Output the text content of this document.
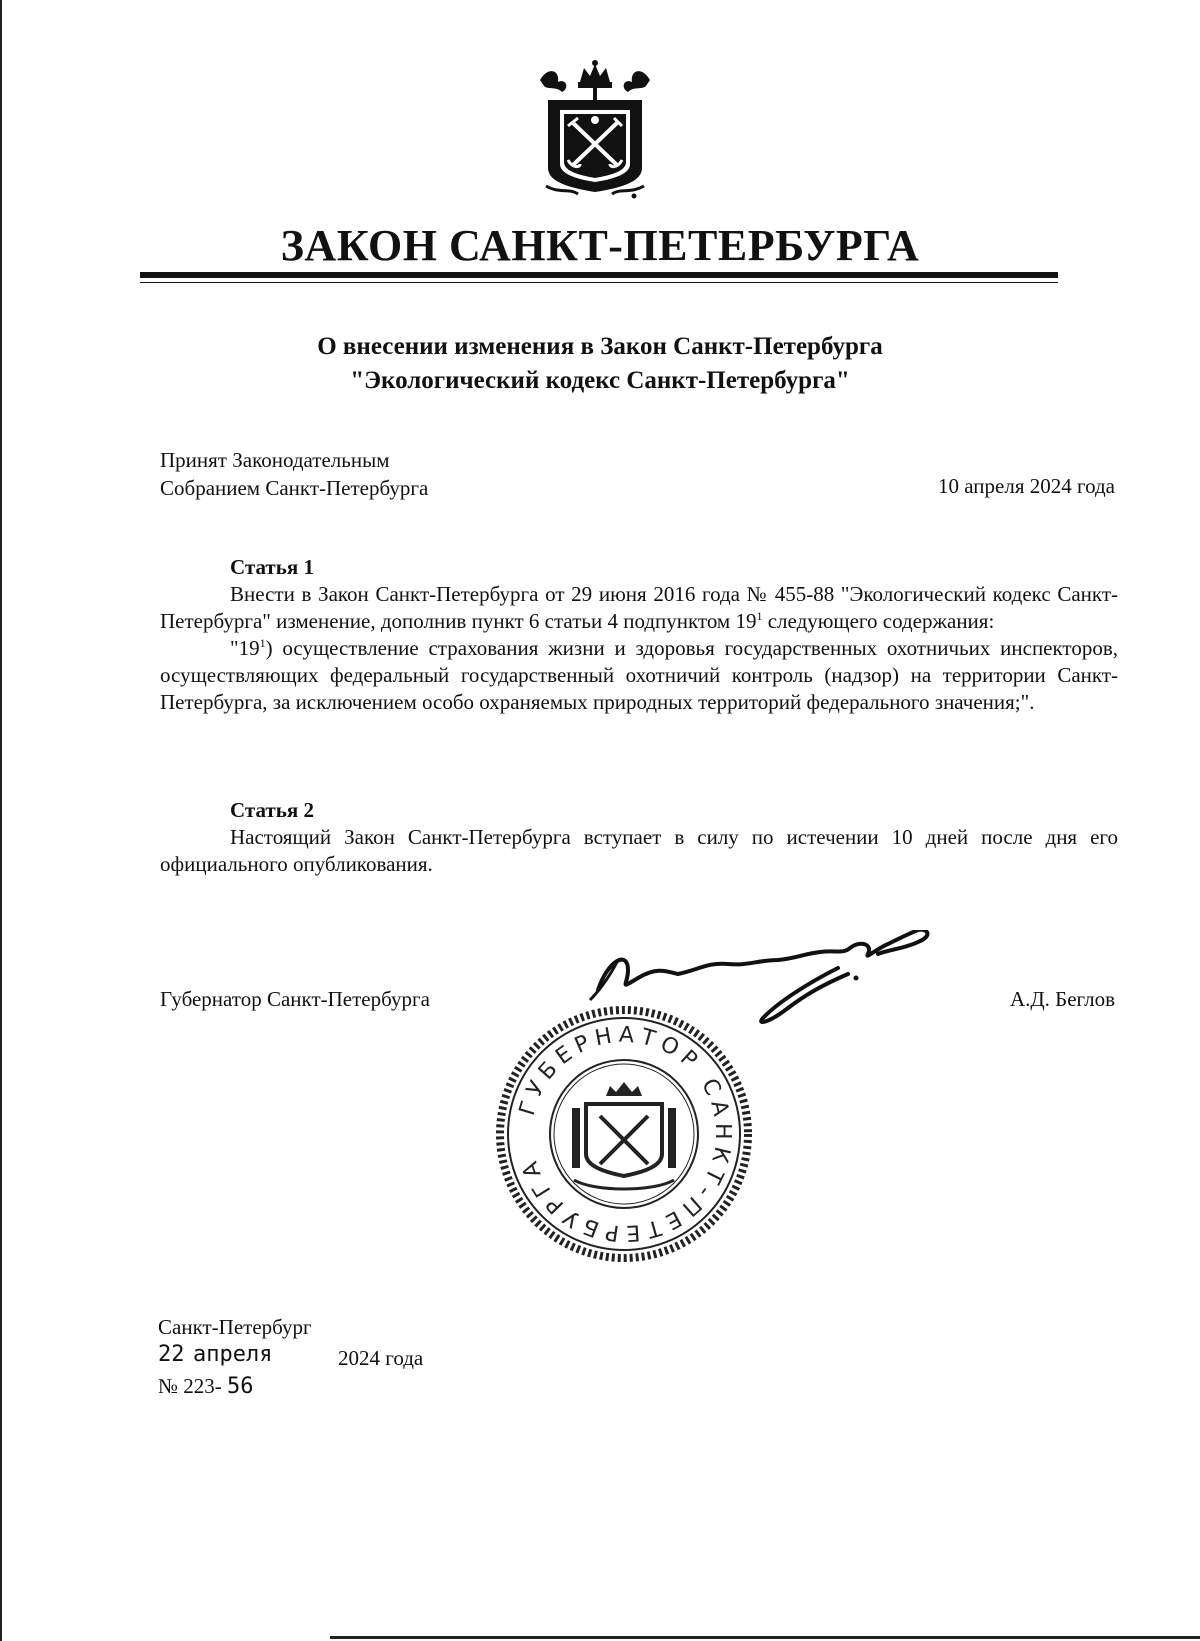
ЗАКОН САНКТ-ПЕТЕРБУРГА
О внесении изменения в Закон Санкт-Петербурга
"Экологический кодекс Санкт-Петербурга"
Принят Законодательным
Собранием Санкт-Петербурга	10 апреля 2024 года
Статья 1

Внести в Закон Санкт-Петербурга от 29 июня 2016 года № 455-88 "Экологический кодекс Санкт-Петербурга" изменение, дополнив пункт 6 статьи 4 подпунктом $19^1$ следующего содержания:

"$19^1$) осуществление страхования жизни и здоровья государственных охотничьих инспекторов, осуществляющих федеральный государственный охотничий контроль (надзор) на территории Санкт-Петербурга, за исключением особо охраняемых природных территорий федерального значения;".

Статья 2

Настоящий Закон Санкт-Петербурга вступает в силу по истечении 10 дней после дня его официального опубликования.

Губернатор Санкт-Петербурга	А.Д. Беглов
ГУБЕРНАТОР САНКТ-ПЕТЕРБУРГА
Санкт-Петербург
22 апреля	2024 года
№ 223- 56
